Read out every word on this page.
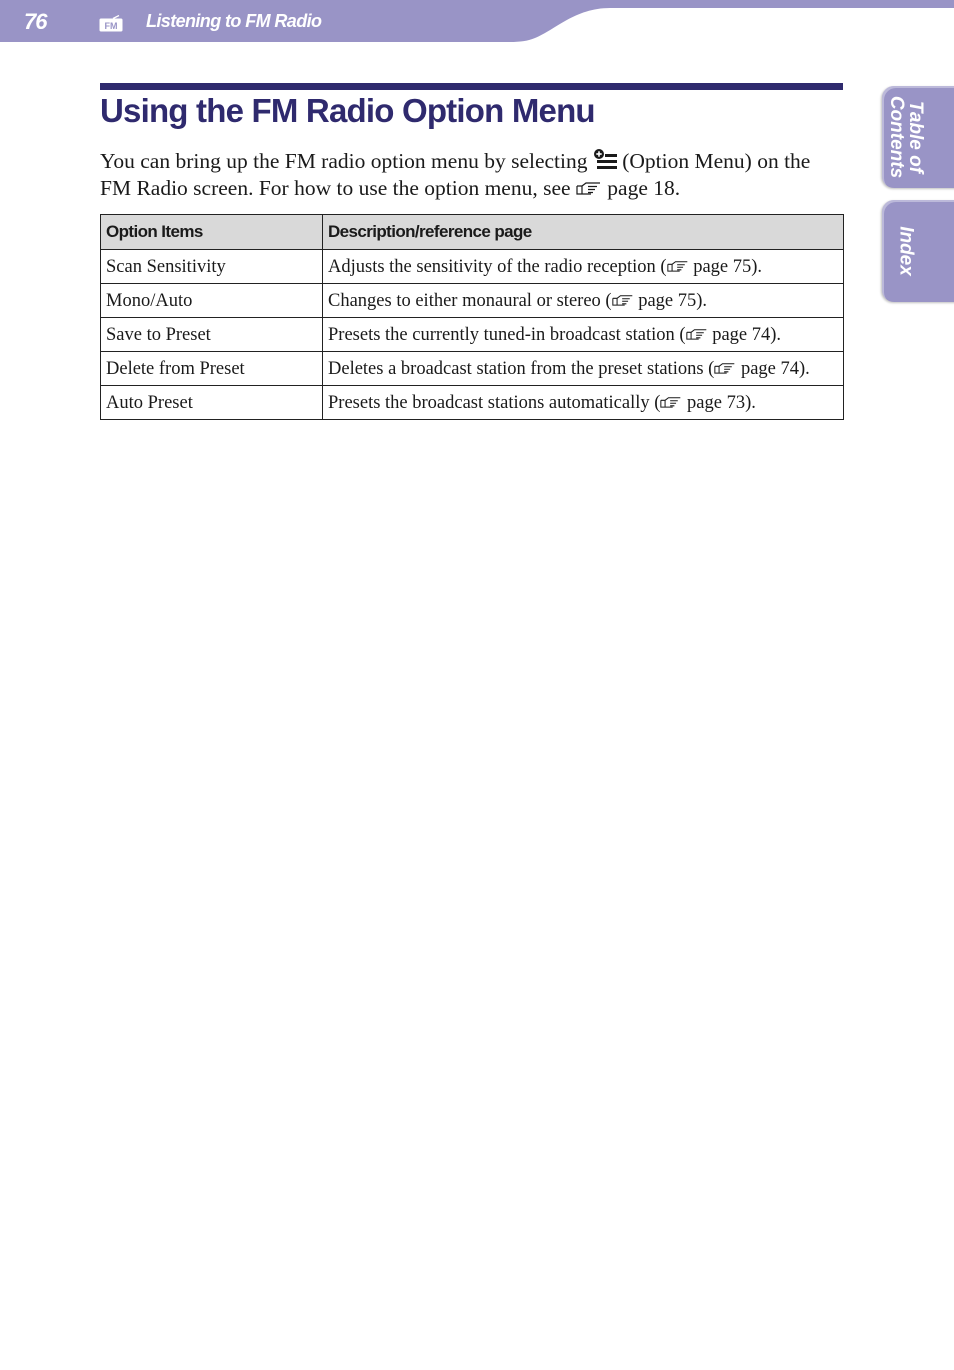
76	FM Listening to FM Radio
Table of
Contents
Index
Using the FM Radio Option Menu

You can bring up the FM radio option menu by selecting (Option Menu) on the FM Radio screen. For how to use the option menu, see page 18.

Option Items	Description/reference page
Scan Sensitivity	Adjusts the sensitivity of the radio reception ( page 75).
Mono/Auto	Changes to either monaural or stereo ( page 75).
Save to Preset	Presets the currently tuned-in broadcast station ( page 74).
Delete from Preset	Deletes a broadcast station from the preset stations ( page 74).
Auto Preset	Presets the broadcast stations automatically ( page 73).
